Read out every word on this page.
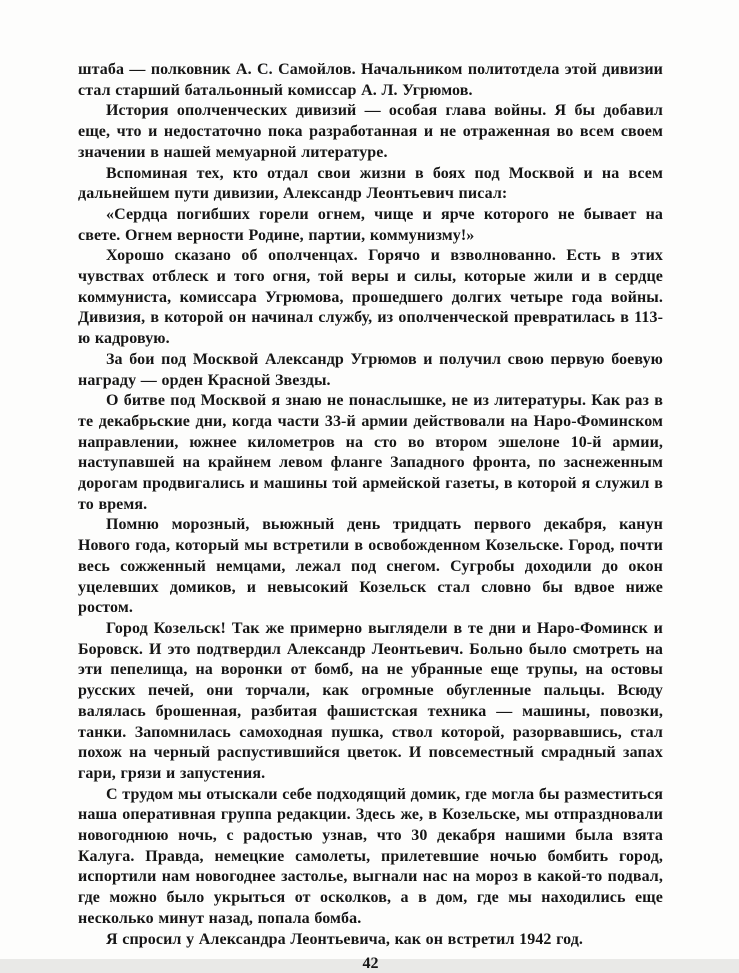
штаба — полковник А. С. Самойлов. Начальником политотдела этой дивизии стал старший батальонный комиссар А. Л. Угрюмов.

История ополченческих дивизий — особая глава войны. Я бы добавил еще, что и недостаточно пока разработанная и не отраженная во всем своем значении в нашей мемуарной литературе.

Вспоминая тех, кто отдал свои жизни в боях под Москвой и на всем дальнейшем пути дивизии, Александр Леонтьевич писал:

«Сердца погибших горели огнем, чище и ярче которого не бывает на свете. Огнем верности Родине, партии, коммунизму!»

Хорошо сказано об ополченцах. Горячо и взволнованно. Есть в этих чувствах отблеск и того огня, той веры и силы, которые жили и в сердце коммуниста, комиссара Угрюмова, прошедшего долгих четыре года войны. Дивизия, в которой он начинал службу, из ополченческой превратилась в 113-ю кадровую.

За бои под Москвой Александр Угрюмов и получил свою первую боевую награду — орден Красной Звезды.

О битве под Москвой я знаю не понаслышке, не из литературы. Как раз в те декабрьские дни, когда части 33-й армии действовали на Наро-Фоминском направлении, южнее километров на сто во втором эшелоне 10-й армии, наступавшей на крайнем левом фланге Западного фронта, по заснеженным дорогам продвигались и машины той армейской газеты, в которой я служил в то время.

Помню морозный, вьюжный день тридцать первого декабря, канун Нового года, который мы встретили в освобожденном Козельске. Город, почти весь сожженный немцами, лежал под снегом. Сугробы доходили до окон уцелевших домиков, и невысокий Козельск стал словно бы вдвое ниже ростом.

Город Козельск! Так же примерно выглядели в те дни и Наро-Фоминск и Боровск. И это подтвердил Александр Леонтьевич. Больно было смотреть на эти пепелища, на воронки от бомб, на не убранные еще трупы, на остовы русских печей, они торчали, как огромные обугленные пальцы. Всюду валялась брошенная, разбитая фашистская техника — машины, повозки, танки. Запомнилась самоходная пушка, ствол которой, разорвавшись, стал похож на черный распустившийся цветок. И повсеместный смрадный запах гари, грязи и запустения.

С трудом мы отыскали себе подходящий домик, где могла бы разместиться наша оперативная группа редакции. Здесь же, в Козельске, мы отпраздновали новогоднюю ночь, с радостью узнав, что 30 декабря нашими была взята Калуга. Правда, немецкие самолеты, прилетевшие ночью бомбить город, испортили нам новогоднее застолье, выгнали нас на мороз в какой-то подвал, где можно было укрыться от осколков, а в дом, где мы находились еще несколько минут назад, попала бомба.

Я спросил у Александра Леонтьевича, как он встретил 1942 год.

42
